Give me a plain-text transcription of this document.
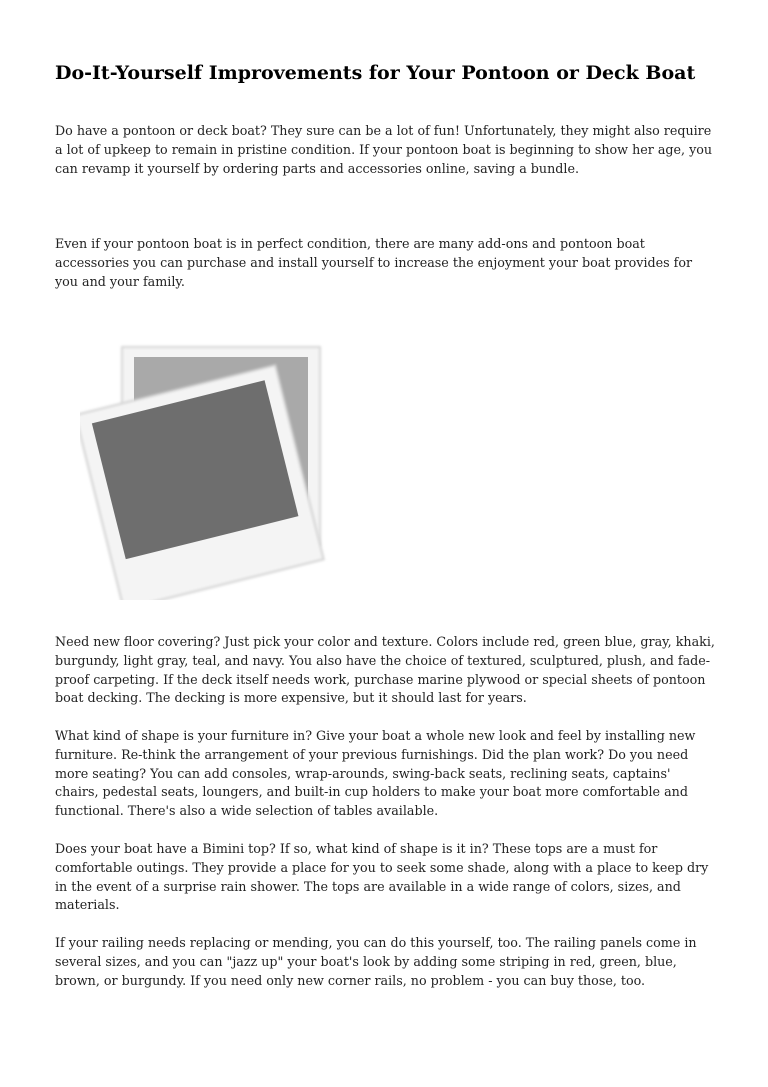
Do-It-Yourself Improvements for Your Pontoon or Deck Boat

Do have a pontoon or deck boat? They sure can be a lot of fun! Unfortunately, they might also require a lot of upkeep to remain in pristine condition. If your pontoon boat is beginning to show her age, you can revamp it yourself by ordering parts and accessories online, saving a bundle.

Even if your pontoon boat is in perfect condition, there are many add-ons and pontoon boat accessories you can purchase and install yourself to increase the enjoyment your boat provides for you and your family.

Need new floor covering? Just pick your color and texture. Colors include red, green blue, gray, khaki, burgundy, light gray, teal, and navy. You also have the choice of textured, sculptured, plush, and fade-proof carpeting. If the deck itself needs work, purchase marine plywood or special sheets of pontoon boat decking. The decking is more expensive, but it should last for years.

What kind of shape is your furniture in? Give your boat a whole new look and feel by installing new furniture. Re-think the arrangement of your previous furnishings. Did the plan work? Do you need more seating? You can add consoles, wrap-arounds, swing-back seats, reclining seats, captains' chairs, pedestal seats, loungers, and built-in cup holders to make your boat more comfortable and functional. There's also a wide selection of tables available.

Does your boat have a Bimini top? If so, what kind of shape is it in? These tops are a must for comfortable outings. They provide a place for you to seek some shade, along with a place to keep dry in the event of a surprise rain shower. The tops are available in a wide range of colors, sizes, and materials.

If your railing needs replacing or mending, you can do this yourself, too. The railing panels come in several sizes, and you can "jazz up" your boat's look by adding some striping in red, green, blue, brown, or burgundy. If you need only new corner rails, no problem - you can buy those, too.
